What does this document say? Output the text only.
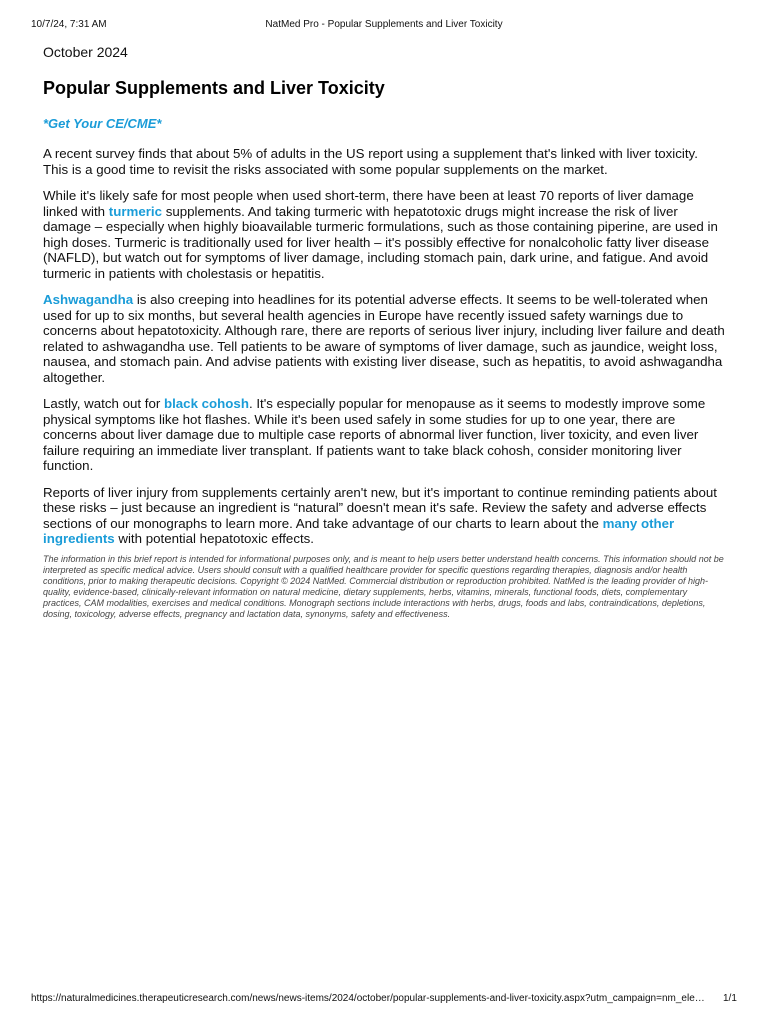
10/7/24, 7:31 AM	NatMed Pro - Popular Supplements and Liver Toxicity

October 2024

Popular Supplements and Liver Toxicity
*Get Your CE/CME*

A recent survey finds that about 5% of adults in the US report using a supplement that's linked with liver toxicity. This is a good time to revisit the risks associated with some popular supplements on the market.

While it's likely safe for most people when used short-term, there have been at least 70 reports of liver damage linked with turmeric supplements. And taking turmeric with hepatotoxic drugs might increase the risk of liver damage – especially when highly bioavailable turmeric formulations, such as those containing piperine, are used in high doses. Turmeric is traditionally used for liver health – it's possibly effective for nonalcoholic fatty liver disease (NAFLD), but watch out for symptoms of liver damage, including stomach pain, dark urine, and fatigue. And avoid turmeric in patients with cholestasis or hepatitis.

Ashwagandha is also creeping into headlines for its potential adverse effects. It seems to be well-tolerated when used for up to six months, but several health agencies in Europe have recently issued safety warnings due to concerns about hepatotoxicity. Although rare, there are reports of serious liver injury, including liver failure and death related to ashwagandha use. Tell patients to be aware of symptoms of liver damage, such as jaundice, weight loss, nausea, and stomach pain. And advise patients with existing liver disease, such as hepatitis, to avoid ashwagandha altogether.

Lastly, watch out for black cohosh. It's especially popular for menopause as it seems to modestly improve some physical symptoms like hot flashes. While it's been used safely in some studies for up to one year, there are concerns about liver damage due to multiple case reports of abnormal liver function, liver toxicity, and even liver failure requiring an immediate liver transplant. If patients want to take black cohosh, consider monitoring liver function.

Reports of liver injury from supplements certainly aren't new, but it's important to continue reminding patients about these risks – just because an ingredient is “natural” doesn't mean it's safe. Review the safety and adverse effects sections of our monographs to learn more. And take advantage of our charts to learn about the many other ingredients with potential hepatotoxic effects.

The information in this brief report is intended for informational purposes only, and is meant to help users better understand health concerns. This information should not be interpreted as specific medical advice. Users should consult with a qualified healthcare provider for specific questions regarding therapies, diagnosis and/or health conditions, prior to making therapeutic decisions. Copyright © 2024 NatMed. Commercial distribution or reproduction prohibited. NatMed is the leading provider of high-quality, evidence-based, clinically-relevant information on natural medicine, dietary supplements, herbs, vitamins, minerals, functional foods, diets, complementary practices, CAM modalities, exercises and medical conditions. Monograph sections include interactions with herbs, drugs, foods and labs, contraindications, depletions, dosing, toxicology, adverse effects, pregnancy and lactation data, synonyms, safety and effectiveness.

https://naturalmedicines.therapeuticresearch.com/news/news-items/2024/october/popular-supplements-and-liver-toxicity.aspx?utm_campaign=nm_ele…	1/1
